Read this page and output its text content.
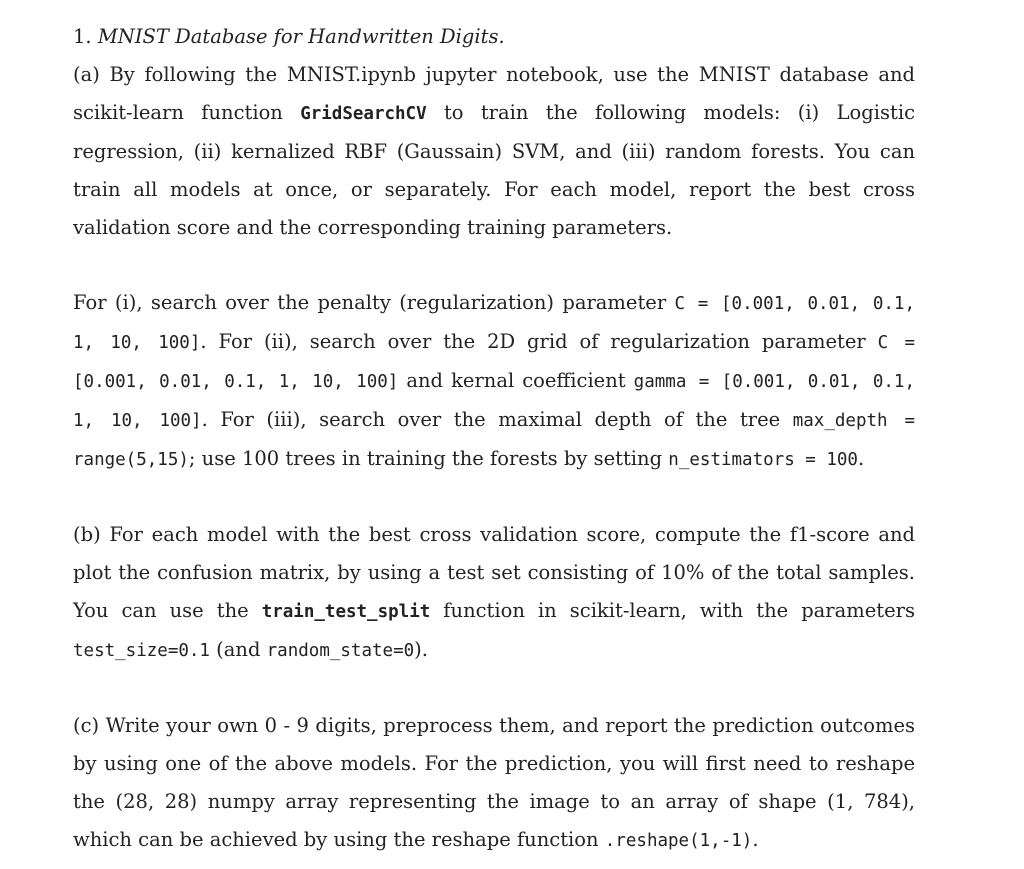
1. MNIST Database for Handwritten Digits.

(a) By following the MNIST.ipynb jupyter notebook, use the MNIST database and scikit-learn function GridSearchCV to train the following models: (i) Logistic regression, (ii) kernalized RBF (Gaussain) SVM, and (iii) random forests. You can train all models at once, or separately. For each model, report the best cross validation score and the corresponding training parameters.

For (i), search over the penalty (regularization) parameter C = [0.001, 0.01, 0.1, 1, 10, 100]. For (ii), search over the 2D grid of regularization parameter C = [0.001, 0.01, 0.1, 1, 10, 100] and kernal coefficient gamma = [0.001, 0.01, 0.1, 1, 10, 100]. For (iii), search over the maximal depth of the tree max_depth = range(5,15); use 100 trees in training the forests by setting n_estimators = 100.

(b) For each model with the best cross validation score, compute the f1-score and plot the confusion matrix, by using a test set consisting of 10% of the total samples. You can use the train_test_split function in scikit-learn, with the parameters test_size=0.1 (and random_state=0).

(c) Write your own 0 - 9 digits, preprocess them, and report the prediction outcomes by using one of the above models. For the prediction, you will first need to reshape the (28, 28) numpy array representing the image to an array of shape (1, 784), which can be achieved by using the reshape function .reshape(1,-1).
